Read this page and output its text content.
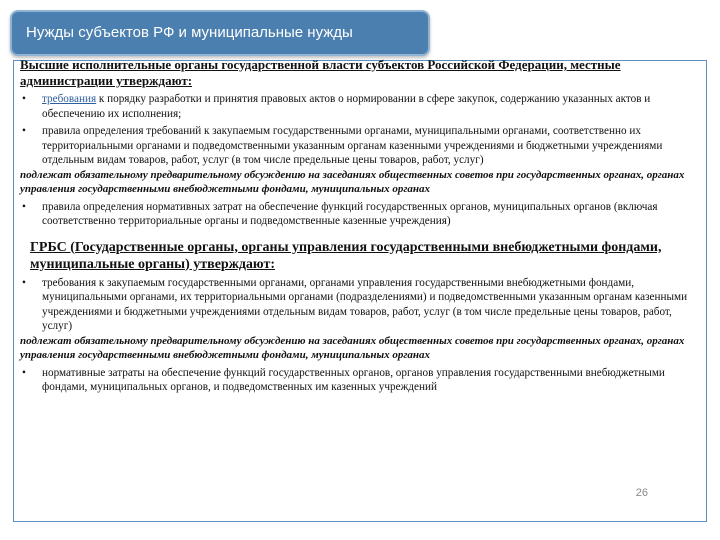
Нужды субъектов РФ и муниципальные нужды

Высшие исполнительные органы государственной власти субъектов Российской Федерации, местные администрации утверждают:

• требования к порядку разработки и принятия правовых актов о нормировании в сфере закупок, содержанию указанных актов и обеспечению их исполнения;

• правила определения требований к закупаемым государственными органами, муниципальными органами, соответственно их территориальными органами и подведомственными указанным органам казенными учреждениями и бюджетными учреждениями отдельным видам товаров, работ, услуг (в том числе предельные цены товаров, работ, услуг)

подлежат обязательному предварительному обсуждению на заседаниях общественных советов при государственных органах, органах управления государственными внебюджетными фондами, муниципальных органах

• правила определения нормативных затрат на обеспечение функций государственных органов, муниципальных органов (включая соответственно территориальные органы и подведомственные казенные учреждения)

ГРБС (Государственные органы, органы управления государственными внебюджетными фондами, муниципальные органы) утверждают:

• требования к закупаемым государственными органами, органами управления государственными внебюджетными фондами, муниципальными органами, их территориальными органами (подразделениями) и подведомственными указанным органам казенными учреждениями и бюджетными учреждениями отдельным видам товаров, работ, услуг (в том числе предельные цены товаров, работ, услуг)

подлежат обязательному предварительному обсуждению на заседаниях общественных советов при государственных органах, органах управления государственными внебюджетными фондами, муниципальных органах

• нормативные затраты на обеспечение функций государственных органов, органов управления государственными внебюджетными фондами, муниципальных органов, и подведомственных им казенных учреждений

26
